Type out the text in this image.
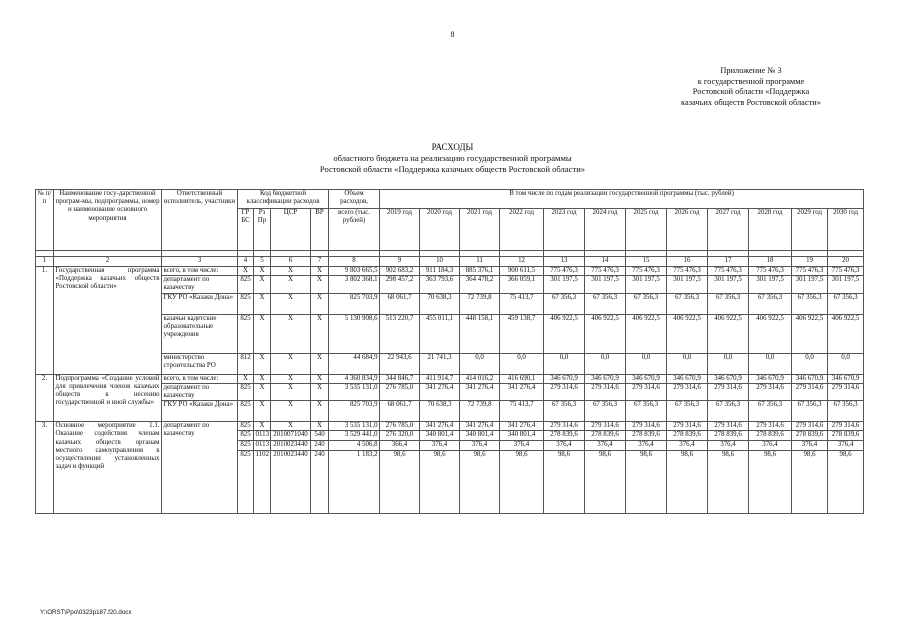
8
Приложение № 3
к государственной программе
Ростовской области «Поддержка
казачьих обществ Ростовской области»
РАСХОДЫ
областного бюджета на реализацию государственной программы
Ростовской области «Поддержка казачьих обществ Ростовской области»
№ п/п	Наименование госу-дарственной програм-мы, подпрограммы, номер и наименование основного мероприятия	Ответственный исполнитель, участники	Код бюджетной классификации расходов				Объем расходов,	В том числе по годам реализации государственной программы (тыс. рублей)											
			ГР БС	Рз Пр	ЦСР	ВР	всего (тыс. рублей)	2019 год	2020 год	2021 год	2022 год	2023 год	2024 год	2025 год	2026 год	2027 год	2028 год	2029 год	2030 год

1	2	3	4	5	6	7	8	9	10	11	12	13	14	15	16	17	18	19	20
1.	Государственная программа «Поддержка казачьих обществ Ростовской области»	всего, в том числе:	X	X	X	X	9 803 665,5	902 683,2	911 184,3	885 376,1	900 611,5	775 476,3	775 476,3	775 476,3	775 476,3	775 476,3	775 476,3	775 476,3	775 476,3
		департамент по казачеству	825	X	X	X	3 802 368,1	298 457,2	363 793,6	364 478,2	366 059,1	301 197,5	301 197,5	301 197,5	301 197,5	301 197,5	301 197,5	301 197,5	301 197,5
		ГКУ РО «Казаки Дона»	825	X	X	X	825 703,9	68 061,7	70 638,3	72 739,8	75 413,7	67 356,3	67 356,3	67 356,3	67 356,3	67 356,3	67 356,3	67 356,3	67 356,3
		казачьи кадетские образовательные учреждения	825	X	X	X	5 130 908,6	513 220,7	455 011,1	448 158,1	459 138,7	406 922,5	406 922,5	406 922,5	406 922,5	406 922,5	406 922,5	406 922,5	406 922,5
		министерство строительства РО	812	X	X	X	44 684,9	22 943,6	21 741,3	0,0	0,0	0,0	0,0	0,0	0,0	0,0	0,0	0,0	0,0
2.	Подпрограмма «Создание условий для привлечения членов казачьих обществ к несению государственной и иной службы»	всего, в том числе:	X	X	X	X	4 360 834,9	344 846,7	411 914,7	414 016,2	416 690,1	346 670,9	346 670,9	346 670,9	346 670,9	346 670,9	346 670,9	346 670,9	346 670,9
		департамент по казачеству	825	X	X	X	3 535 131,0	276 785,0	341 276,4	341 276,4	341 276,4	279 314,6	279 314,6	279 314,6	279 314,6	279 314,6	279 314,6	279 314,6	279 314,6
		ГКУ РО «Казаки Дона»	825	X	X	X	825 703,9	68 061,7	70 638,3	72 739,8	75 413,7	67 356,3	67 356,3	67 356,3	67 356,3	67 356,3	67 356,3	67 356,3	67 356,3
3.	Основное мероприятие 1.1. Оказание содействия членам казачьих обществ органам местного самоуправления в осуществлении установленных задач и функций	департамент по казачеству	825	X	X	X	3 535 131,0	276 785,0	341 276,4	341 276,4	341 276,4	279 314,6	279 314,6	279 314,6	279 314,6	279 314,6	279 314,6	279 314,6	279 314,6
			825	0113	2010071040	540	3 529 441,0	276 320,0	340 801,4	340 801,4	340 801,4	278 839,6	278 839,6	278 839,6	278 839,6	278 839,6	278 839,6	278 839,6	278 839,6
			825	0113	2010023440	240	4 506,8	366,4	376,4	376,4	376,4	376,4	376,4	376,4	376,4	376,4	376,4	376,4	376,4
			825	1102	2010023440	240	1 183,2	98,6	98,6	98,6	98,6	98,6	98,6	98,6	98,6	98,6	98,6	98,6	98,6
Y:\ORST\Ppo\0323p187.f20.docx
